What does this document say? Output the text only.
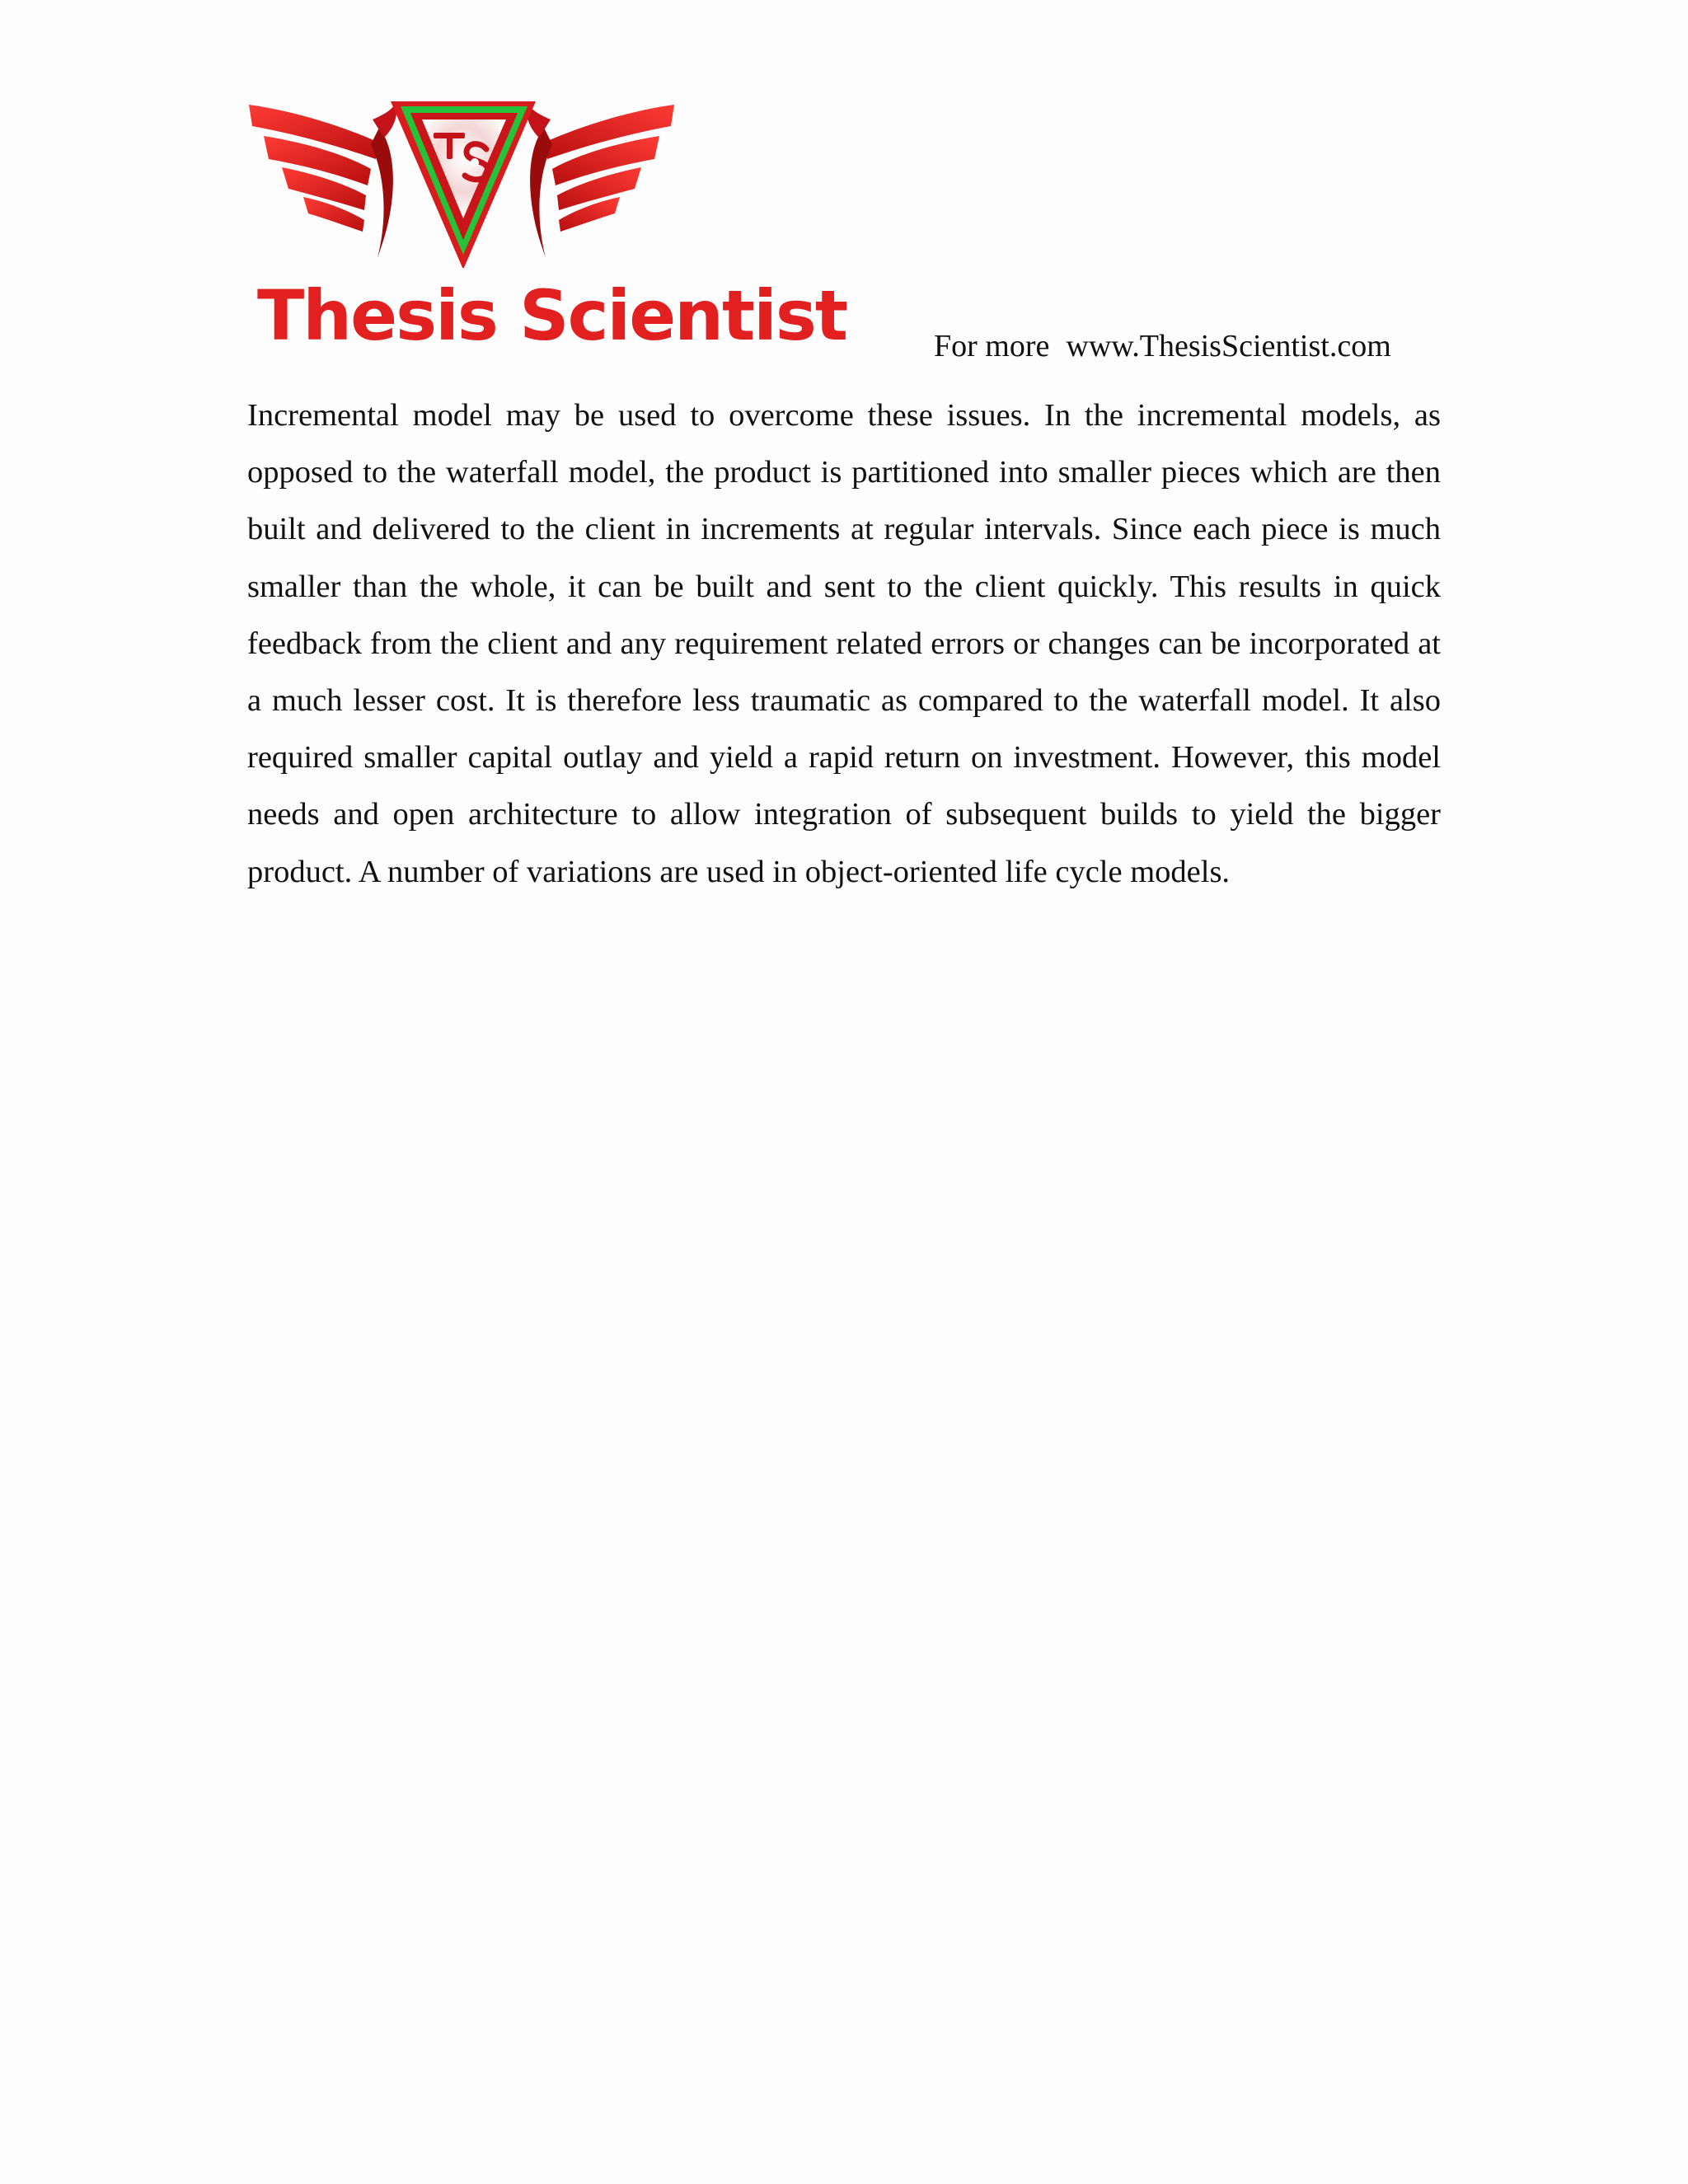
Thesis Scientist	For more www.ThesisScientist.com

Incremental model may be used to overcome these issues. In the incremental models, as opposed to the waterfall model, the product is partitioned into smaller pieces which are then built and delivered to the client in increments at regular intervals. Since each piece is much smaller than the whole, it can be built and sent to the client quickly. This results in quick feedback from the client and any requirement related errors or changes can be incorporated at a much lesser cost. It is therefore less traumatic as compared to the waterfall model. It also required smaller capital outlay and yield a rapid return on investment. However, this model needs and open architecture to allow integration of subsequent builds to yield the bigger product. A number of variations are used in object-oriented life cycle models.
